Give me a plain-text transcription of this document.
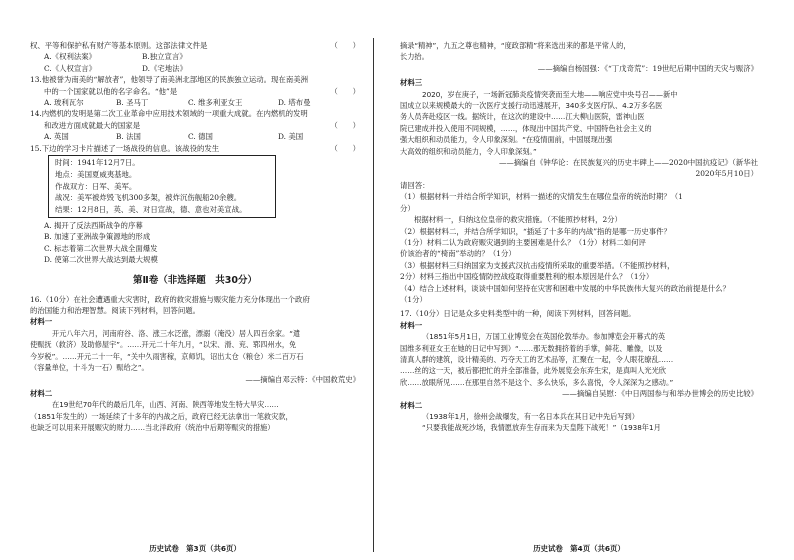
权、平等和保护私有财产等基本原则。这部法律文件是	（　　）
A.《权利法案》	B.独立宣言》
C.《人权宣言》	D.《宅地法》
13.他被誉为南美的“解放者”，他领导了南美洲北部地区的民族独立运动。现在南美洲
中的一个国家就以他的名字命名。“他”是	（　　）
A. 玻利瓦尔	B. 圣马丁	C. 维多利亚女王	D. 塔布曼
14.内燃机的发明是第二次工业革命中应用技术领域的一项重大成就。在内燃机的发明
和改进方面成就最大的国家是	（　　）
A. 英国	B. 法国	C. 德国	D. 美国
15.下边的学习卡片描述了一场战役的信息。该战役的发生	（　　）
时间：1941年12月7日。
地点：美国夏威夷基地。
作战双方：日军、美军。
战况：美军被炸毁飞机300多架，被炸沉伤舰船20余艘。
结果：12月8日，英、美、对日宣战，德、意也对美宣战。
A. 揭开了反法西斯战争的序幕
B. 加速了亚洲战争策源地的形成
C. 标志着第二次世界大战全面爆发
D. 使第二次世界大战达到最大规模
第Ⅱ卷（非选择题　共30分）
16.（10分）在社会遭遇重大灾害时，政府的救灾措施与赈灾能力充分体现出一个政府
的治国能力和治理智慧。阅读下列材料，回答问题。
材料一
开元八年六月，河南府谷、洛、涨三水泛涨，漂溺（淹没）居人四百余家。“遣
使赈抚（救济）及助修屋宇”。……开元二十年九月，“以宋、滑、兖、郓四州水，免
今岁税”。……开元二十一年，“关中久雨害稼，京师饥，诏出太仓（粮仓）米二百万石
（容量单位，十斗为一石）赈给之”。
——摘编自邓云特：《中国救荒史》
材料二
在19世纪70年代的最后几年，山西、河南、陕西等地发生特大旱灾……
（1851年发生的）一场延续了十多年的内战之后，政府已经无法拿出一笔救灾款，
也缺乏可以用来开展赈灾的财力……当北洋政府（统治中后期等赈灾的措施）
历史试卷　第3页（共6页）
摘录“精神”，九五之尊也精神，“度政部精”将来选出来的都是平常人的，
长力抬。
——摘编自杨国强：《“丁戊奇荒”：19世纪后期中国的天灾与赈济》
材料三
2020，岁在庚子，一场新冠肺炎疫情突袭而至大地——响应党中央号召——新中
国成立以来规模最大的一次医疗支援行动迅速展开，340多支医疗队、4.2万多名医
务人员奔赴疫区一线。据统计，在这次的建设中……江大柳山医院，雷神山医
院已建成并投入使用不同规模，……，体现出中国共产党、中国特色社会主义的
强大组织和动员能力，令人印象深刻。“在疫情面前，中国展现出强
大高效的组织和动员能力，令人印象深刻。”
——摘编自《钟华论：在民族复兴的历史丰碑上——2020中国抗疫记》（新华社
2020年5月10日）
请回答：
（1）根据材料一并结合所学知识，材料一描述的灾情发生在哪位皇帝的统治时期？（1
分）
根据材料一，归纳这位皇帝的救灾措施。（不能照抄材料，2分）
（2）根据材料二，并结合所学知识，“插延了十多年的内战”指的是哪一历史事件？
（1分）材料二认为政府赈灾遇到的主要困难是什么？（1分）材料二如何评
价该治者的“椅南”举动的？（1分）
（3）根据材料三归纳国家为支援武汉抗击疫情所采取的重要举措。（不能照抄材料，
2分）材料三指出中国疫情防控战疫取得重要胜利的根本原因是什么？（1分）
（4）结合上述材料，谈谈中国如何坚持在灾害和困难中发展的中华民族伟大复兴的政治前提是什么？
（1分）
17.（10分）日记是众多史料类型中的一种，阅读下列材料，回答问题。
材料一
（1851年5月1日，万国工业博览会在英国伦敦举办。参加博览会开幕式的英
国维多利亚女王在她的日记中写到）“……那无数拥挤着的手掌，鲜花、雕像，以及
清真人群的建筑，设计精美的、巧夺天工的艺术品等，汇聚在一起，令人眼花缭乱……
……丝的这一天，被后都把忙的并全部准备，此外展览会东弃生宋，是真叫人光光欣
欣……放眼所见……在那里自然不是这个、多么快乐，多么喜悦，令人深深为之感动。”
——摘编自吴慰：《中日两国参与和举办世博会的历史比较》
材料二
（1938年1月，徐州会战爆发，有一名日本兵在其日记中先后写到）
“只要我能战死沙场，我情愿放弃生存而来为天皇陛下战死！”（1938年1月
历史试卷　第4页（共6页）
